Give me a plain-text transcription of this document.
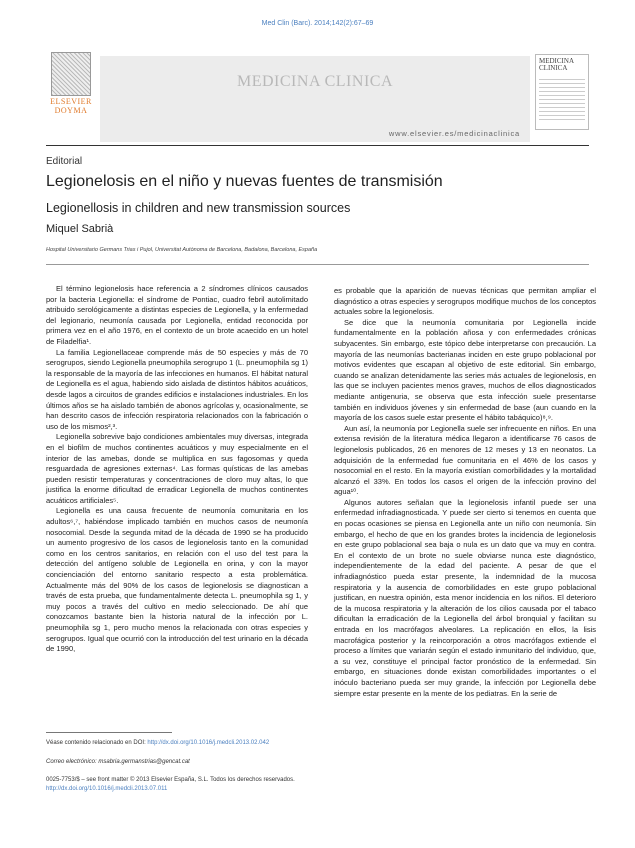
Med Clin (Barc). 2014;142(2):67–69
ELSEVIER
DOYMA
MEDICINA CLINICA
www.elsevier.es/medicinaclinica
MEDICINA
CLINICA
Editorial
Legionelosis en el niño y nuevas fuentes de transmisión
Legionellosis in children and new transmission sources
Miquel Sabrià
Hospital Universitario Germans Trias i Pujol, Universitat Autònoma de Barcelona, Badalona, Barcelona, España

El término legionelosis hace referencia a 2 síndromes clínicos causados por la bacteria Legionella: el síndrome de Pontiac, cuadro febril autolimitado atribuido serológicamente a distintas especies de Legionella, y la enfermedad del legionario, neumonía causada por Legionella, entidad reconocida por primera vez en el año 1976, en el contexto de un brote acaecido en un hotel de Filadelfia¹.

La familia Legionellaceae comprende más de 50 especies y más de 70 serogrupos, siendo Legionella pneumophila serogrupo 1 (L. pneumophila sg 1) la responsable de la mayoría de las infecciones en humanos. El hábitat natural de Legionella es el agua, habiendo sido aislada de distintos hábitos acuáticos, desde lagos a circuitos de grandes edificios e instalaciones industriales. En los últimos años se ha aislado también de abonos agrícolas y, ocasionalmente, se han descrito casos de infección respiratoria relacionados con la fabricación o uso de los mismos²,³.

Legionella sobrevive bajo condiciones ambientales muy diversas, integrada en el biofilm de muchos continentes acuáticos y muy especialmente en el interior de las amebas, donde se multiplica en sus fagosomas y queda resguardada de agresiones externas⁴. Las formas quísticas de las amebas pueden resistir temperaturas y concentraciones de cloro muy altas, lo que justifica la enorme dificultad de erradicar Legionella de muchos continentes acuáticos artificiales⁵.

Legionella es una causa frecuente de neumonía comunitaria en los adultos⁶,⁷, habiéndose implicado también en muchos casos de neumonía nosocomial. Desde la segunda mitad de la década de 1990 se ha producido un aumento progresivo de los casos de legionelosis tanto en la comunidad como en los centros sanitarios, en relación con el uso del test para la detección del antígeno soluble de Legionella en orina, y con la mayor concienciación del entorno sanitario respecto a esta problemática. Actualmente más del 90% de los casos de legionelosis se diagnostican a través de esta prueba, que fundamentalmente detecta L. pneumophila sg 1, y muy pocos a través del cultivo en medio seleccionado. De ahí que conozcamos bastante bien la historia natural de la infección por L. pneumophila sg 1, pero mucho menos la relacionada con otras especies y serogrupos. Igual que ocurrió con la introducción del test urinario en la década de 1990,

es probable que la aparición de nuevas técnicas que permitan ampliar el diagnóstico a otras especies y serogrupos modifique muchos de los conceptos actuales sobre la legionelosis.

Se dice que la neumonía comunitaria por Legionella incide fundamentalmente en la población añosa y con enfermedades crónicas subyacentes. Sin embargo, este tópico debe interpretarse con precaución. La mayoría de las neumonías bacterianas inciden en este grupo poblacional por motivos evidentes que escapan al objetivo de este editorial. Sin embargo, cuando se analizan detenidamente las series más actuales de legionelosis, en las que se incluyen pacientes menos graves, muchos de ellos diagnosticados mediante antigenuria, se observa que esta infección suele presentarse también en individuos jóvenes y sin enfermedad de base (aun cuando en la mayoría de los casos suele estar presente el hábito tabáquico)⁸,⁹.

Aun así, la neumonía por Legionella suele ser infrecuente en niños. En una extensa revisión de la literatura médica llegaron a identificarse 76 casos de legionelosis publicados, 26 en menores de 12 meses y 13 en neonatos. La adquisición de la enfermedad fue comunitaria en el 46% de los casos y nosocomial en el resto. En la mayoría existían comorbilidades y la mortalidad alcanzó el 33%. En todos los casos el origen de la infección provino del agua¹⁰.

Algunos autores señalan que la legionelosis infantil puede ser una enfermedad infradiagnosticada. Y puede ser cierto si tenemos en cuenta que en pocas ocasiones se piensa en Legionella ante un niño con neumonía. Sin embargo, el hecho de que en los grandes brotes la incidencia de legionelosis en este grupo poblacional sea baja o nula es un dato que va muy en contra. En el contexto de un brote no suele obviarse nunca este diagnóstico, independientemente de la edad del paciente. A pesar de que el infradiagnóstico pueda estar presente, la indemnidad de la mucosa respiratoria y la ausencia de comorbilidades en este grupo poblacional justifican, en nuestra opinión, esta menor incidencia en los niños. El deterioro de la mucosa respiratoria y la alteración de los cilios causada por el tabaco dificultan la erradicación de la Legionella del árbol bronquial y facilitan su entrada en los macrófagos alveolares. La replicación en ellos, la lisis macrofágica posterior y la reincorporación a otros macrófagos extiende el proceso a límites que variarán según el estado inmunitario del individuo, que, a su vez, constituye el principal factor pronóstico de la enfermedad. Sin embargo, en situaciones donde existan comorbilidades importantes o el inóculo bacteriano pueda ser muy grande, la infección por Legionella debe siempre estar presente en la mente de los pediatras. En la serie de

Véase contenido relacionado en DOI: http://dx.doi.org/10.1016/j.medcli.2013.02.042
Correo electrónico: msabria.germanstrias@gencat.cat
0025-7753/$ – see front matter © 2013 Elsevier España, S.L. Todos los derechos reservados.
http://dx.doi.org/10.1016/j.medcli.2013.07.011
